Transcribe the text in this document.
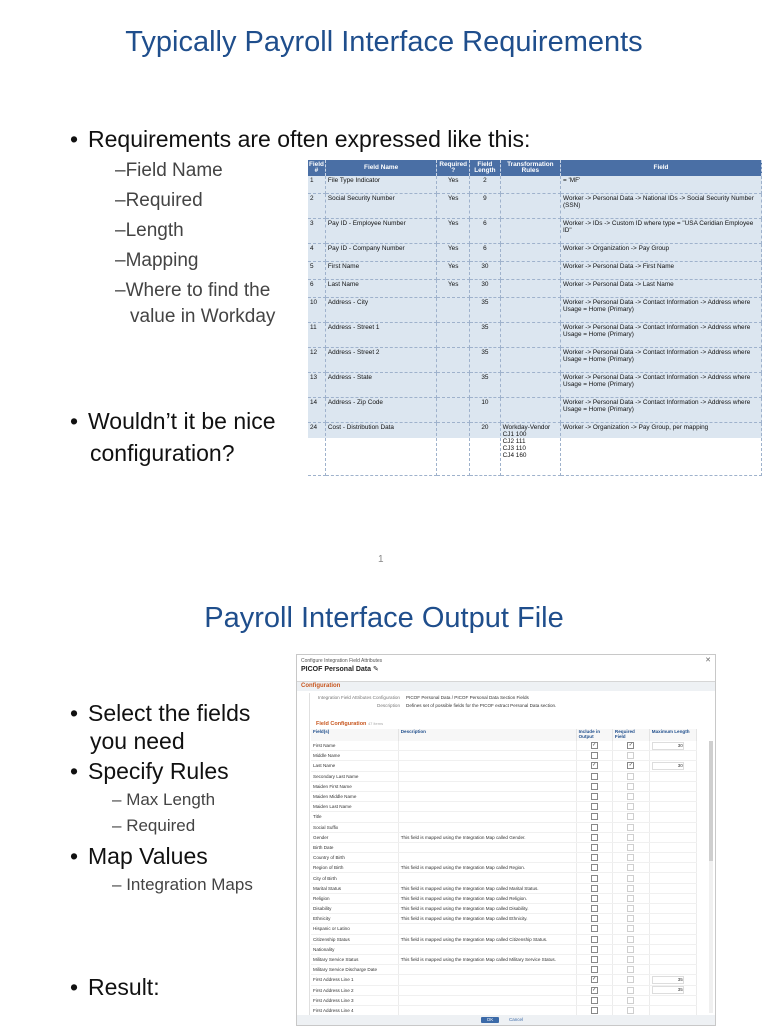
Typically Payroll Interface Requirements
• Requirements are often expressed like this:
–Field Name
–Required
–Length
–Mapping
–Where to find the
value in Workday
Field #	Field Name	Required ?	Field Length	Transformation Rules	Field
1	File Type Indicator	Yes	2		= 'MF'
2	Social Security Number	Yes	9		Worker -> Personal Data -> National IDs -> Social Security Number (SSN)
3	Pay ID - Employee Number	Yes	6		Worker -> IDs -> Custom ID where type = "USA Ceridian Employee ID"
4	Pay ID - Company Number	Yes	6		Worker -> Organization -> Pay Group
5	First Name	Yes	30		Worker -> Personal Data -> First Name
6	Last Name	Yes	30		Worker -> Personal Data -> Last Name
10	Address - City		35		Worker -> Personal Data -> Contact Information -> Address where Usage = Home (Primary)
11	Address - Street 1		35		Worker -> Personal Data -> Contact Information -> Address where Usage = Home (Primary)
12	Address - Street 2		35		Worker -> Personal Data -> Contact Information -> Address where Usage = Home (Primary)
13	Address - State		35		Worker -> Personal Data -> Contact Information -> Address where Usage = Home (Primary)
14	Address - Zip Code		10		Worker -> Personal Data -> Contact Information -> Address where Usage = Home (Primary)
24	Cost - Distribution Data		20	Workday-Vendor
CJ1 100
CJ2 111
CJ3 110
CJ4 160	Worker -> Organization -> Pay Group, per mapping
• Wouldn’t it be nice
configuration?
1
Payroll Interface Output File
• Select the fields
you need
• Specify Rules
– Max Length
– Required
• Map Values
– Integration Maps
• Result:
Configure Integration Field Attributes
PICOF Personal Data ✎
✕
Configuration
Integration Field Attributes Configuration PICOF Personal Data / PICOF Personal Data Section Fields
Description Defines set of possible fields for the PICOF extract Personal Data section.
Field Configuration 47 items
Field(s)	Description	Include in Output	Required Field	Maximum Length
First Name		✓	✓	30
Middle Name				
Last Name		✓	✓	30
Secondary Last Name				
Maiden First Name				
Maiden Middle Name				
Maiden Last Name				
Title				
Social Suffix				
Gender	This field is mapped using the Integration Map called Gender.			
Birth Date				
Country of Birth				
Region of Birth	This field is mapped using the Integration Map called Region.			
City of Birth				
Marital Status	This field is mapped using the Integration Map called Marital Status.			
Religion	This field is mapped using the Integration Map called Religion.			
Disability	This field is mapped using the Integration Map called Disability.			
Ethnicity	This field is mapped using the Integration Map called Ethnicity.			
Hispanic or Latino				
Citizenship Status	This field is mapped using the Integration Map called Citizenship Status.			
Nationality				
Military Service Status	This field is mapped using the Integration Map called Military Service Status.			
Military Service Discharge Date				
First Address Line 1		✓		35
First Address Line 2		✓		35
First Address Line 3				
First Address Line 4				
OK	Cancel
